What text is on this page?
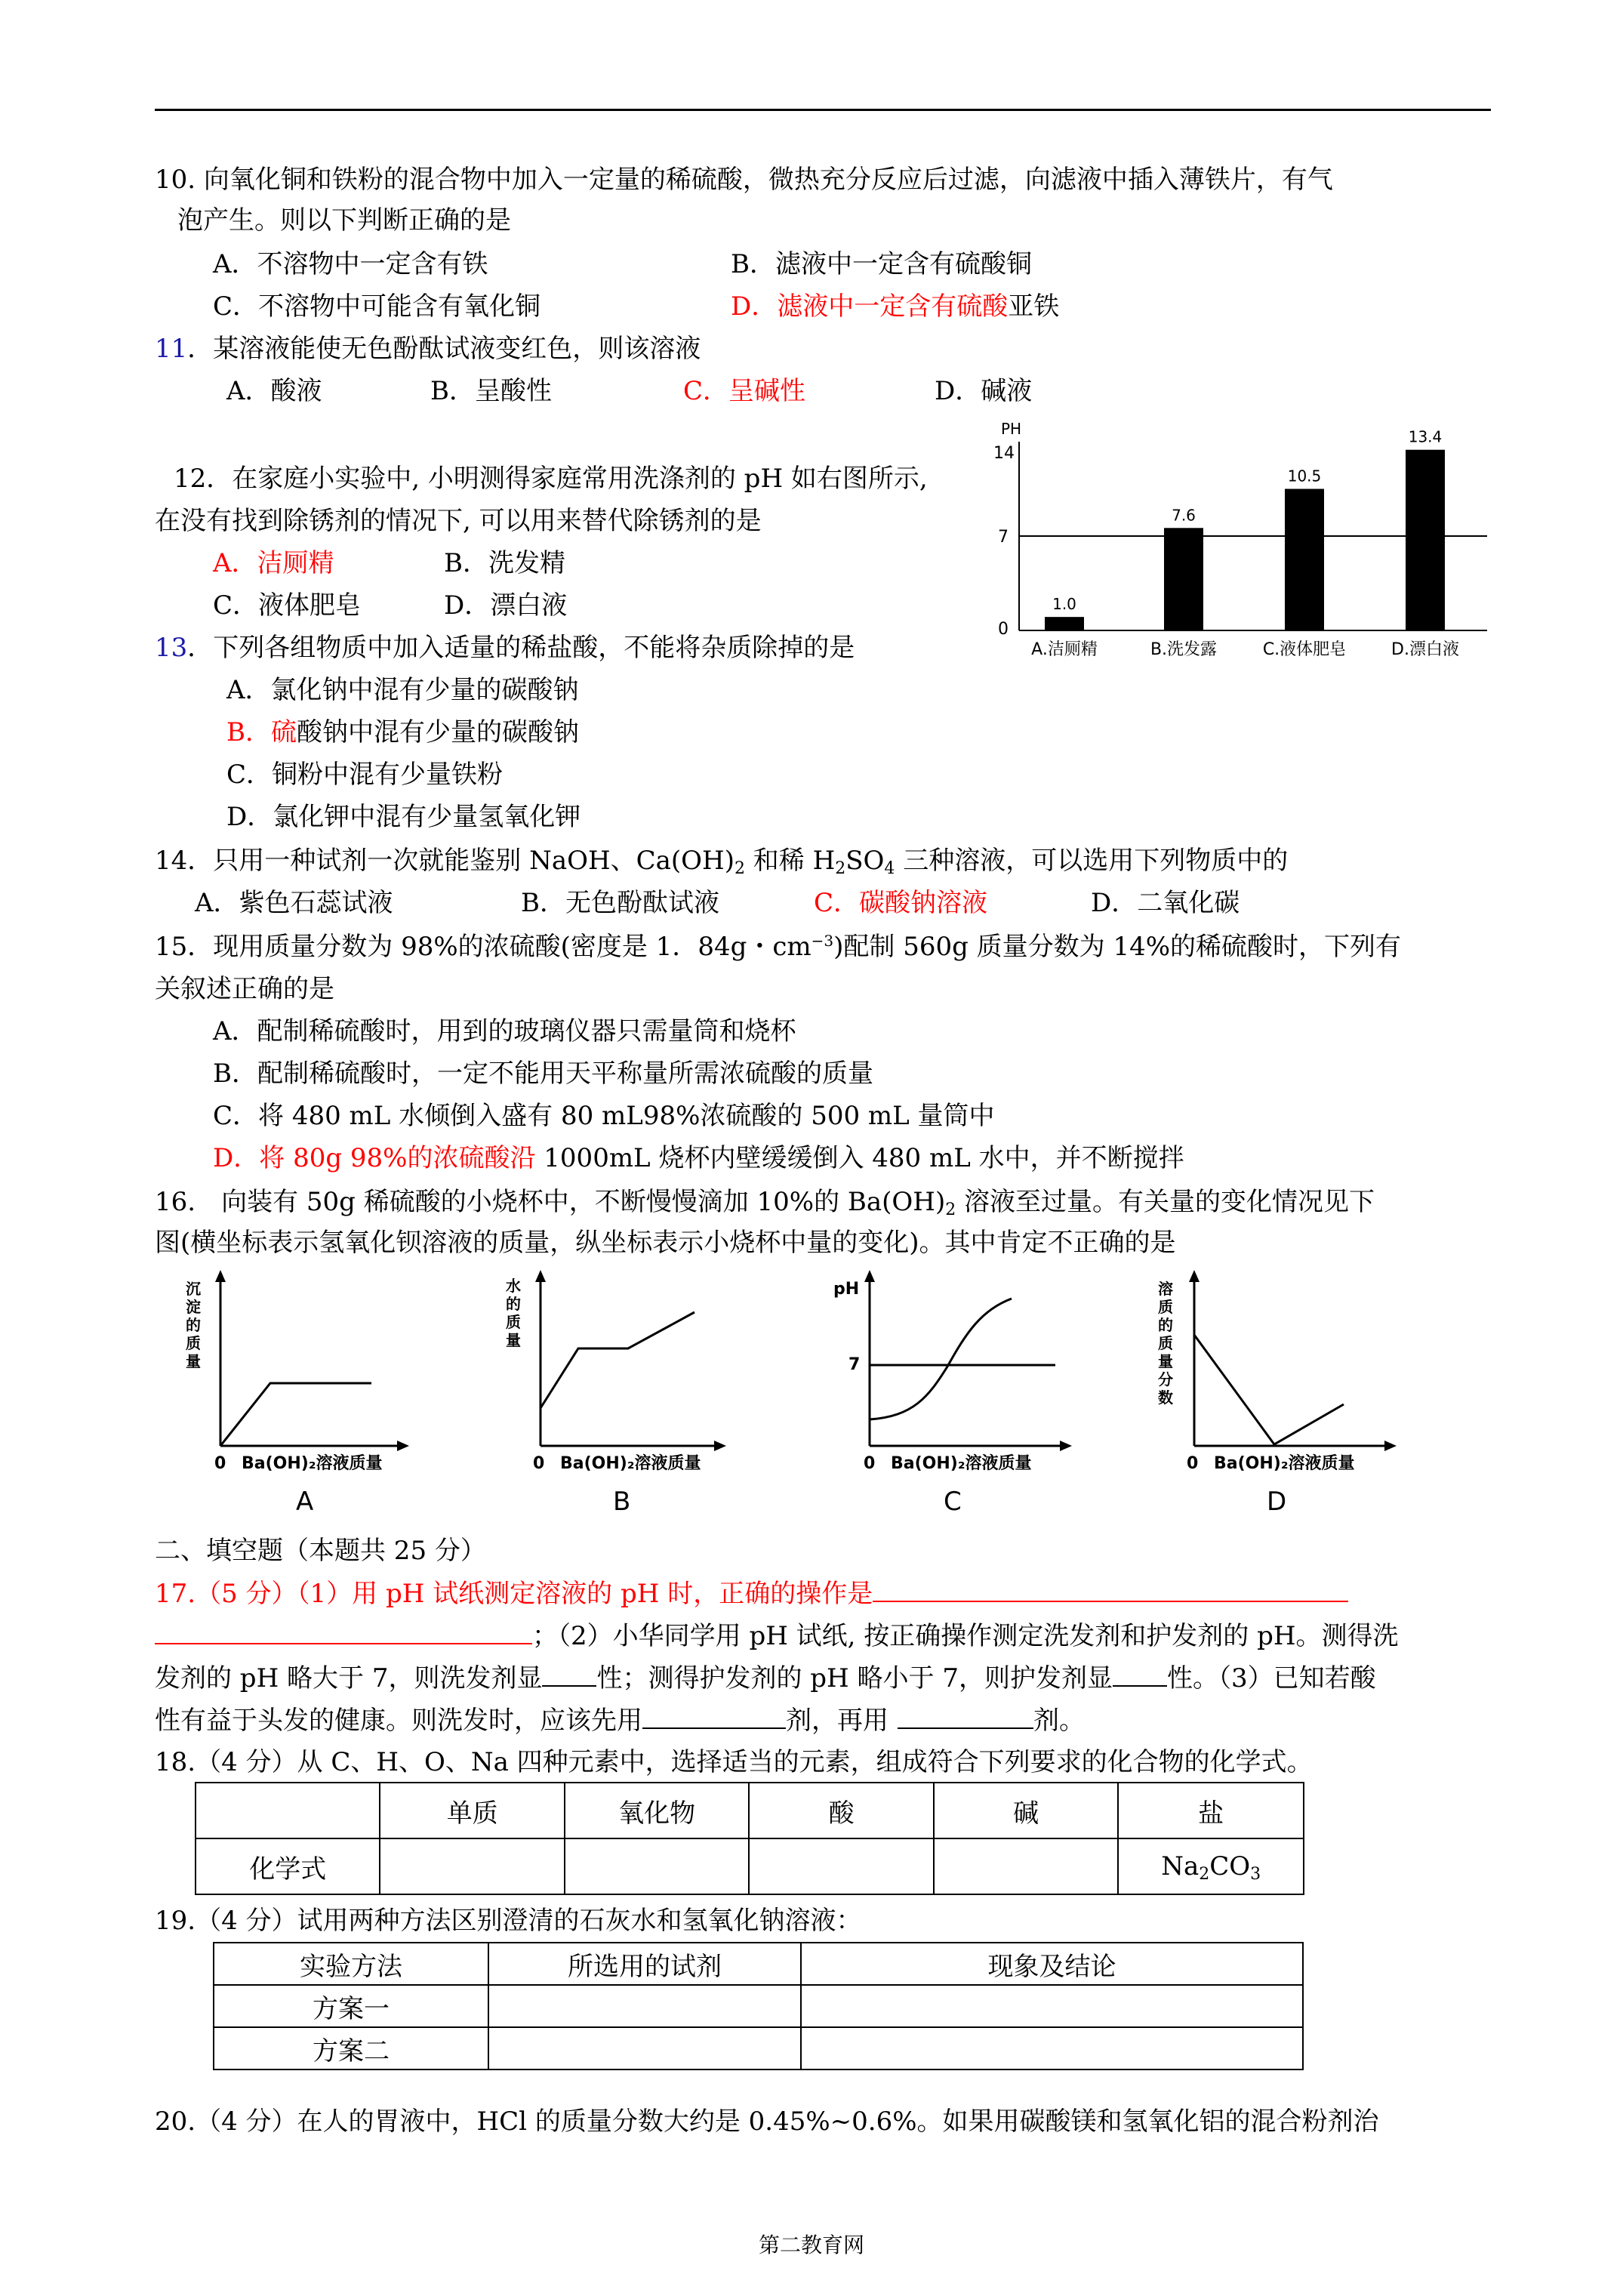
10. 向氧化铜和铁粉的混合物中加入一定量的稀硫酸，微热充分反应后过滤，向滤液中插入薄铁片，有气
泡产生。则以下判断正确的是
A．不溶物中一定含有铁	B．滤液中一定含有硫酸铜
C．不溶物中可能含有氧化铜	D．滤液中一定含有硫酸亚铁
11．某溶液能使无色酚酞试液变红色，则该溶液
A．酸液	B．呈酸性	C．呈碱性	D．碱液
12．在家庭小实验中, 小明测得家庭常用洗涤剂的 pH 如右图所示,
在没有找到除锈剂的情况下, 可以用来替代除锈剂的是
A．洁厕精	B．洗发精
C．液体肥皂	D．漂白液
PH
14
7
0
1.0
A.洁厕精
7.6
B.洗发露
10.5
C.液体肥皂
13.4
D.漂白液
13．下列各组物质中加入适量的稀盐酸，不能将杂质除掉的是
A．氯化钠中混有少量的碳酸钠
B．硫酸钠中混有少量的碳酸钠
C．铜粉中混有少量铁粉
D．氯化钾中混有少量氢氧化钾
14．只用一种试剂一次就能鉴别 NaOH、$Ca(OH)_2$ 和稀 $H_2SO_4$ 三种溶液，可以选用下列物质中的
A．紫色石蕊试液	B．无色酚酞试液	C．碳酸钠溶液	D．二氧化碳
15．现用质量分数为 98%的浓硫酸(密度是 1．84g・$cm^{-3}$)配制 560g 质量分数为 14%的稀硫酸时，下列有
关叙述正确的是
A．配制稀硫酸时，用到的玻璃仪器只需量筒和烧杯
B．配制稀硫酸时，一定不能用天平称量所需浓硫酸的质量
C．将 480 mL 水倾倒入盛有 80 mL98%浓硫酸的 500 mL 量筒中
D．将 80g 98%的浓硫酸沿 1000mL 烧杯内壁缓缓倒入 480 mL 水中，并不断搅拌
16.　向装有 50g 稀硫酸的小烧杯中，不断慢慢滴加 10%的 $Ba(OH)_2$ 溶液至过量。有关量的变化情况见下
图(横坐标表示氢氧化钡溶液的质量，纵坐标表示小烧杯中量的变化)。其中肯定不正确的是
沉
淀
的
质
量
0 Ba(OH)₂溶液质量
A
水
的
质
量
0 Ba(OH)₂溶液质量
B
pH
7
0 Ba(OH)₂溶液质量
C
溶
质
的
质
量
分
数
0 Ba(OH)₂溶液质量
D
二、填空题（本题共 25 分）
17.（5 分）（1）用 pH 试纸测定溶液的 pH 时，正确的操作是
；（2）小华同学用 pH 试纸, 按正确操作测定洗发剂和护发剂的 pH。测得洗
发剂的 pH 略大于 7，则洗发剂显 性；测得护发剂的 pH 略小于 7，则护发剂显 性。（3）已知若酸
性有益于头发的健康。则洗发时，应该先用	剂，再用	剂。
18.（4 分）从 C、H、O、Na 四种元素中，选择适当的元素，组成符合下列要求的化合物的化学式。
	单质	氧化物	酸	碱	盐
化学式					$Na_2CO_3$
19.（4 分）试用两种方法区别澄清的石灰水和氢氧化钠溶液：
实验方法	所选用的试剂	现象及结论
方案一		
方案二		
20.（4 分）在人的胃液中，HCl 的质量分数大约是 0.45%~0.6%。如果用碳酸镁和氢氧化铝的混合粉剂治
第二教育网
